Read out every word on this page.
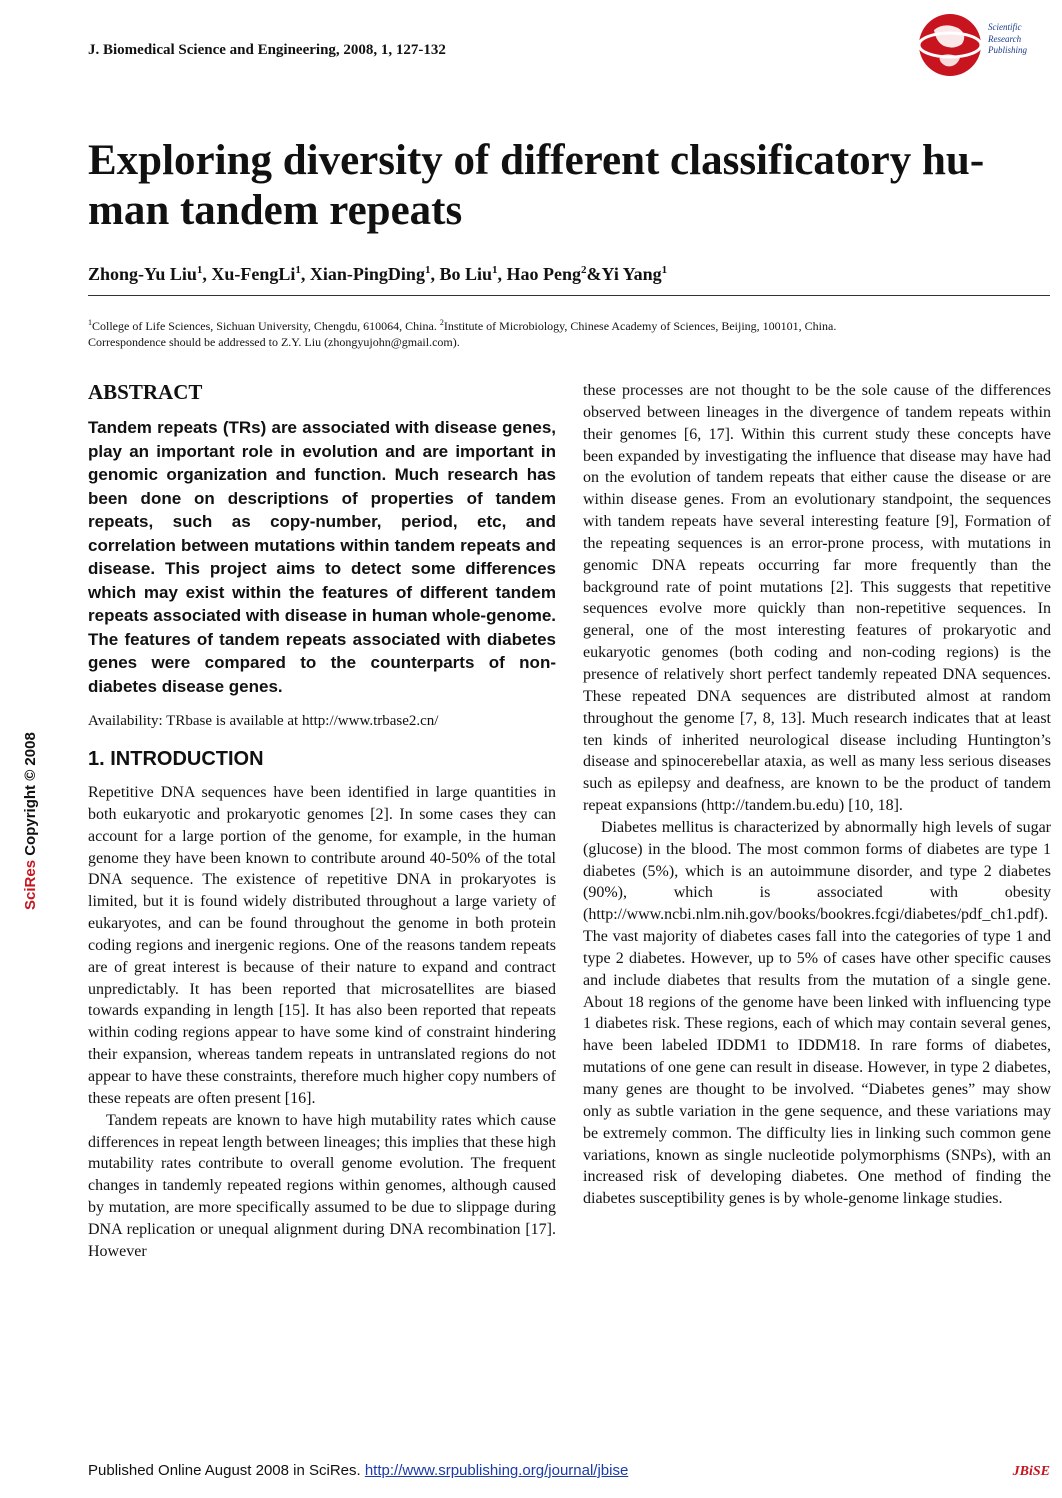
J. Biomedical Science and Engineering, 2008, 1, 127-132
Scientific
Research
Publishing
Exploring diversity of different classificatory hu-
man tandem repeats
Zhong-Yu Liu$^1$, Xu-FengLi$^1$, Xian-PingDing$^1$, Bo Liu$^1$, Hao Peng$^2$&Yi Yang$^1$
$^1$College of Life Sciences, Sichuan University, Chengdu, 610064, China. $^2$Institute of Microbiology, Chinese Academy of Sciences, Beijing, 100101, China.
Correspondence should be addressed to Z.Y. Liu (zhongyujohn@gmail.com).
SciRes Copyright © 2008
ABSTRACT

Tandem repeats (TRs) are associated with disease genes, play an important role in evolution and are important in genomic organization and function. Much research has been done on descriptions of properties of tandem repeats, such as copy-number, period, etc, and correlation between mutations within tandem repeats and disease. This project aims to detect some differences which may exist within the features of different tandem repeats associated with disease in human whole-genome. The features of tandem repeats associated with diabetes genes were compared to the counterparts of non-diabetes disease genes.

Availability: TRbase is available at http://www.trbase2.cn/

1. INTRODUCTION

Repetitive DNA sequences have been identified in large quantities in both eukaryotic and prokaryotic genomes [2]. In some cases they can account for a large portion of the genome, for example, in the human genome they have been known to contribute around 40-50% of the total DNA sequence. The existence of repetitive DNA in prokaryotes is limited, but it is found widely distributed throughout a large variety of eukaryotes, and can be found throughout the genome in both protein coding regions and inergenic regions. One of the reasons tandem repeats are of great interest is because of their nature to expand and contract unpredictably. It has been reported that microsatellites are biased towards expanding in length [15]. It has also been reported that repeats within coding regions appear to have some kind of constraint hindering their expansion, whereas tandem repeats in untranslated regions do not appear to have these constraints, therefore much higher copy numbers of these repeats are often present [16].

Tandem repeats are known to have high mutability rates which cause differences in repeat length between lineages; this implies that these high mutability rates contribute to overall genome evolution. The frequent changes in tandemly repeated regions within genomes, although caused by mutation, are more specifically assumed to be due to slippage during DNA replication or unequal alignment during DNA recombination [17]. However

these processes are not thought to be the sole cause of the differences observed between lineages in the divergence of tandem repeats within their genomes [6, 17]. Within this current study these concepts have been expanded by investigating the influence that disease may have had on the evolution of tandem repeats that either cause the disease or are within disease genes. From an evolutionary standpoint, the sequences with tandem repeats have several interesting feature [9], Formation of the repeating sequences is an error-prone process, with mutations in genomic DNA repeats occurring far more frequently than the background rate of point mutations [2]. This suggests that repetitive sequences evolve more quickly than non-repetitive sequences. In general, one of the most interesting features of prokaryotic and eukaryotic genomes (both coding and non-coding regions) is the presence of relatively short perfect tandemly repeated DNA sequences. These repeated DNA sequences are distributed almost at random throughout the genome [7, 8, 13]. Much research indicates that at least ten kinds of inherited neurological disease including Huntington’s disease and spinocerebellar ataxia, as well as many less serious diseases such as epilepsy and deafness, are known to be the product of tandem repeat expansions (http://tandem.bu.edu) [10, 18].

Diabetes mellitus is characterized by abnormally high levels of sugar (glucose) in the blood. The most common forms of diabetes are type 1 diabetes (5%), which is an autoimmune disorder, and type 2 diabetes (90%), which is associated with obesity (http://www.ncbi.nlm.nih.gov/books/bookres.fcgi/diabetes/pdf_ch1.pdf). The vast majority of diabetes cases fall into the categories of type 1 and type 2 diabetes. However, up to 5% of cases have other specific causes and include diabetes that results from the mutation of a single gene. About 18 regions of the genome have been linked with influencing type 1 diabetes risk. These regions, each of which may contain several genes, have been labeled IDDM1 to IDDM18. In rare forms of diabetes, mutations of one gene can result in disease. However, in type 2 diabetes, many genes are thought to be involved. “Diabetes genes” may show only as subtle variation in the gene sequence, and these variations may be extremely common. The difficulty lies in linking such common gene variations, known as single nucleotide polymorphisms (SNPs), with an increased risk of developing diabetes. One method of finding the diabetes susceptibility genes is by whole-genome linkage studies.

Published Online August 2008 in SciRes. http://www.srpublishing.org/journal/jbise	JBiSE
